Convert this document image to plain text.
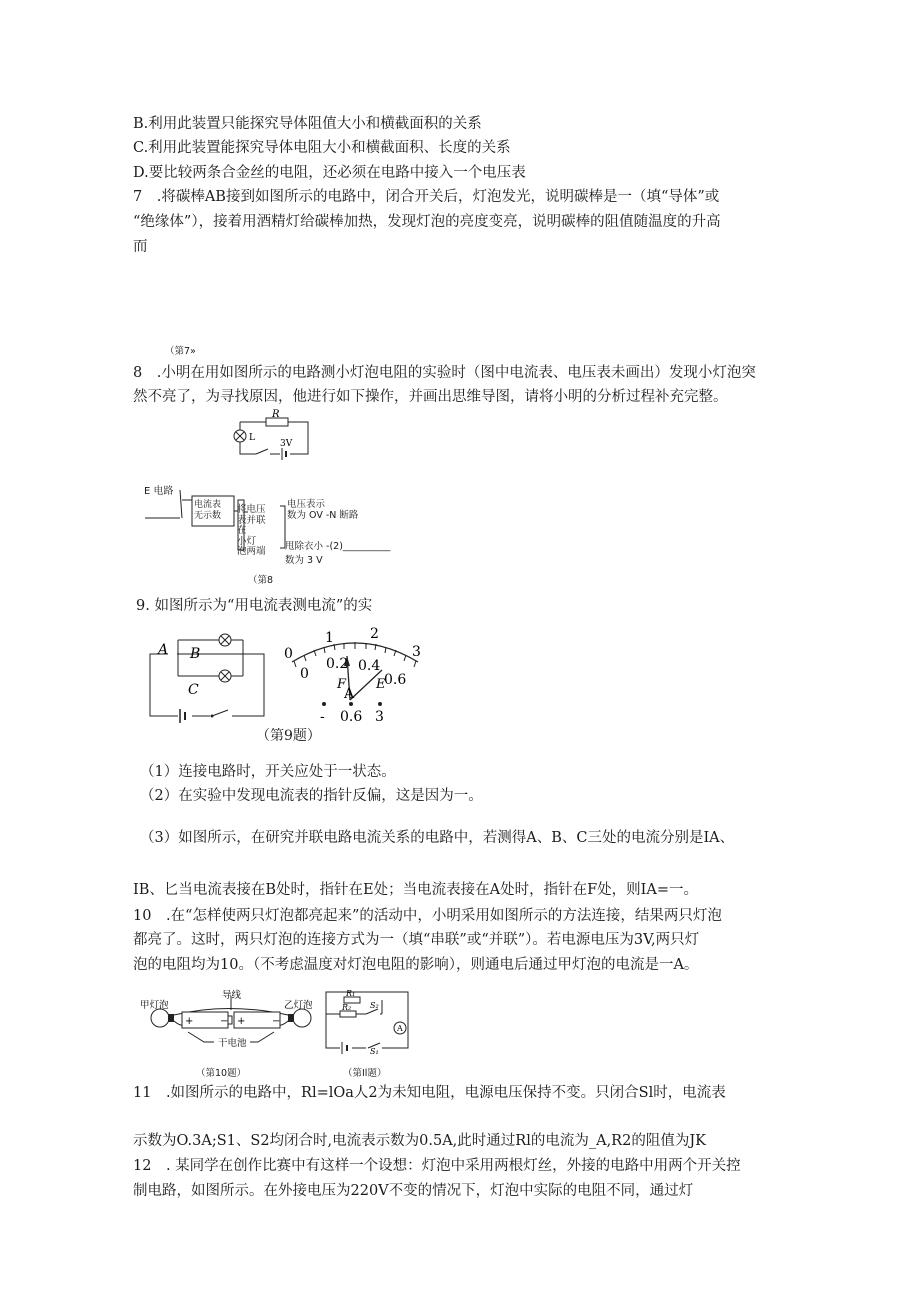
B.利用此装置只能探究导体阻值大小和横截面积的关系
C.利用此装置能探究导体电阻大小和横截面积、长度的关系
D.要比较两条合金丝的电阻，还必须在电路中接入一个电压表
7　.将碳棒AB接到如图所示的电路中，闭合开关后，灯泡发光，说明碳棒是一（填“导体”或
“绝缘体”），接着用酒精灯给碳棒加热，发现灯泡的亮度变亮，说明碳棒的阻值随温度的升高
而
（第7»
8　.小明在用如图所示的电路测小灯泡电阻的实验时（图中电流表、电压表未画出）发现小灯泡突
然不亮了，为寻找原因，他进行如下操作，并画出思维导图，请将小明的分析过程补充完整。
R
L
3V
E 电路
电流表
无示数
将电压
表并联
在
小灯
泡两端
电压表示
数为 OV -N 断路
甩除衣小 -(2)__________
数为 3 V
（第8
9. 如图所示为“用电流表测电流”的实
A B
C
0
1	2
3
0
0.2 0.4
0.6
F E
A
- 0.6 3
（第9题）
（1）连接电路时，开关应处于一状态。
（2）在实验中发现电流表的指针反偏，这是因为一。
（3）如图所示，在研究并联电路电流关系的电路中，若测得A、B、C三处的电流分别是IA、
IB、匕当电流表接在B处时，指针在E处；当电流表接在A处时，指针在F处，则IA=一。
10　.在“怎样使两只灯泡都亮起来”的活动中，小明采用如图所示的方法连接，结果两只灯泡
都亮了。这时，两只灯泡的连接方式为一（填“串联”或“并联”）。若电源电压为3V,两只灯
泡的电阻均为10。（不考虑温度对灯泡电阻的影响），则通电后通过甲灯泡的电流是一A。
甲灯泡
导线
乙灯泡
干电池
+	− +	−
（第10题）
R₁
R₂ S₂
S₁
A
（第Il题）
11　.如图所示的电路中，Rl=lOa人2为未知电阻，电源电压保持不变。只闭合Sl时，电流表
示数为O.3A;S1、S2均闭合时,电流表示数为0.5A,此时通过Rl的电流为_A,R2的阻值为JK
12　. 某同学在创作比赛中有这样一个设想：灯泡中采用两根灯丝，外接的电路中用两个开关控
制电路，如图所示。在外接电压为220V不变的情况下，灯泡中实际的电阻不同，通过灯
